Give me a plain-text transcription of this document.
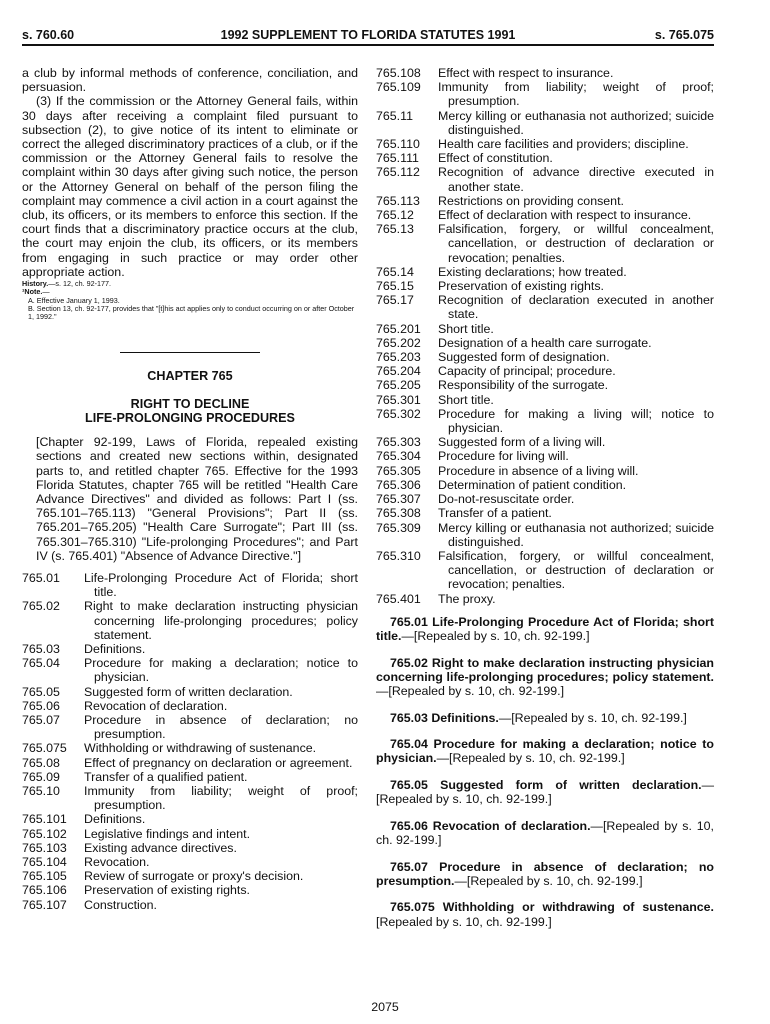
s. 760.60	1992 SUPPLEMENT TO FLORIDA STATUTES 1991	s. 765.075

a club by informal methods of conference, conciliation, and persuasion.

(3) If the commission or the Attorney General fails, within 30 days after receiving a complaint filed pursuant to subsection (2), to give notice of its intent to eliminate or correct the alleged discriminatory practices of a club, or if the commission or the Attorney General fails to resolve the complaint within 30 days after giving such notice, the person or the Attorney General on behalf of the person filing the complaint may commence a civil action in a court against the club, its officers, or its members to enforce this section. If the court finds that a discriminatory practice occurs at the club, the court may enjoin the club, its officers, or its members from engaging in such practice or may order other appropriate action.

History.—s. 12, ch. 92-177.
¹Note.—
A. Effective January 1, 1993.
B. Section 13, ch. 92-177, provides that "[t]his act applies only to conduct occurring on or after October 1, 1992."
CHAPTER 765
RIGHT TO DECLINE
LIFE-PROLONGING PROCEDURES

[Chapter 92-199, Laws of Florida, repealed existing sections and created new sections within, designated parts to, and retitled chapter 765. Effective for the 1993 Florida Statutes, chapter 765 will be retitled "Health Care Advance Directives" and divided as follows: Part I (ss. 765.101–765.113) "General Provisions"; Part II (ss. 765.201–765.205) "Health Care Surrogate"; Part III (ss. 765.301–765.310) "Life-prolonging Procedures"; and Part IV (s. 765.401) "Absence of Advance Directive."]

765.01	Life-Prolonging Procedure Act of Florida; short title.
765.02	Right to make declaration instructing physician concerning life-prolonging procedures; policy statement.
765.03	Definitions.
765.04	Procedure for making a declaration; notice to physician.
765.05	Suggested form of written declaration.
765.06	Revocation of declaration.
765.07	Procedure in absence of declaration; no presumption.
765.075	Withholding or withdrawing of sustenance.
765.08	Effect of pregnancy on declaration or agreement.
765.09	Transfer of a qualified patient.
765.10	Immunity from liability; weight of proof; presumption.
765.101	Definitions.
765.102	Legislative findings and intent.
765.103	Existing advance directives.
765.104	Revocation.
765.105	Review of surrogate or proxy's decision.
765.106	Preservation of existing rights.
765.107	Construction.
765.108	Effect with respect to insurance.
765.109	Immunity from liability; weight of proof; presumption.
765.11	Mercy killing or euthanasia not authorized; suicide distinguished.
765.110	Health care facilities and providers; discipline.
765.111	Effect of constitution.
765.112	Recognition of advance directive executed in another state.
765.113	Restrictions on providing consent.
765.12	Effect of declaration with respect to insurance.
765.13	Falsification, forgery, or willful concealment, cancellation, or destruction of declaration or revocation; penalties.
765.14	Existing declarations; how treated.
765.15	Preservation of existing rights.
765.17	Recognition of declaration executed in another state.
765.201	Short title.
765.202	Designation of a health care surrogate.
765.203	Suggested form of designation.
765.204	Capacity of principal; procedure.
765.205	Responsibility of the surrogate.
765.301	Short title.
765.302	Procedure for making a living will; notice to physician.
765.303	Suggested form of a living will.
765.304	Procedure for living will.
765.305	Procedure in absence of a living will.
765.306	Determination of patient condition.
765.307	Do-not-resuscitate order.
765.308	Transfer of a patient.
765.309	Mercy killing or euthanasia not authorized; suicide distinguished.
765.310	Falsification, forgery, or willful concealment, cancellation, or destruction of declaration or revocation; penalties.
765.401	The proxy.

765.01 Life-Prolonging Procedure Act of Florida; short title.—[Repealed by s. 10, ch. 92-199.]

765.02 Right to make declaration instructing physician concerning life-prolonging procedures; policy statement.—[Repealed by s. 10, ch. 92-199.]

765.03 Definitions.—[Repealed by s. 10, ch. 92-199.]

765.04 Procedure for making a declaration; notice to physician.—[Repealed by s. 10, ch. 92-199.]

765.05 Suggested form of written declaration.—[Repealed by s. 10, ch. 92-199.]

765.06 Revocation of declaration.—[Repealed by s. 10, ch. 92-199.]

765.07 Procedure in absence of declaration; no presumption.—[Repealed by s. 10, ch. 92-199.]

765.075 Withholding or withdrawing of sustenance.[Repealed by s. 10, ch. 92-199.]

2075
